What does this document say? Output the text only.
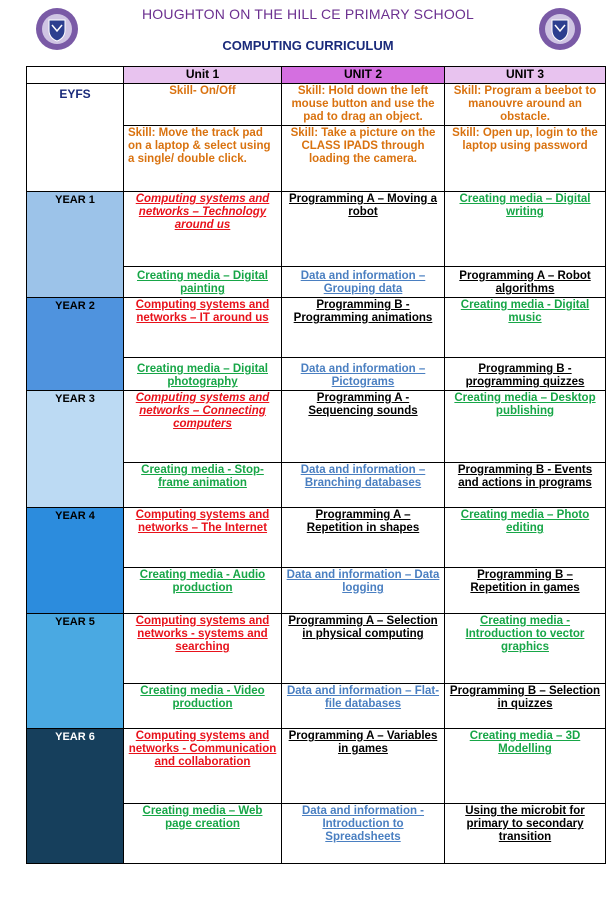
HOUGHTON ON THE HILL CE PRIMARY SCHOOL
COMPUTING CURRICULUM
	Unit 1	UNIT 2	UNIT 3
EYFS	Skill- On/Off	Skill: Hold down the left mouse button and use the pad to drag an object.	Skill: Program a beebot to manouvre around an obstacle.
	Skill: Move the track pad on a laptop & select using a single/ double click.	Skill: Take a picture on the CLASS IPADS through loading the camera.	Skill: Open up, login to the laptop using password
YEAR 1	Computing systems and networks – Technology around us	Programming A – Moving a robot	Creating media – Digital writing
	Creating media – Digital painting	Data and information – Grouping data	Programming A – Robot algorithms
YEAR 2	Computing systems and networks – IT around us	Programming B - Programming animations	Creating media - Digital music
	Creating media – Digital photography	Data and information – Pictograms	Programming B - programming quizzes
YEAR 3	Computing systems and networks – Connecting computers	Programming A - Sequencing sounds	Creating media – Desktop publishing
	Creating media - Stop-frame animation	Data and information – Branching databases	Programming B - Events and actions in programs
YEAR 4	Computing systems and networks – The Internet	Programming A – Repetition in shapes	Creating media – Photo editing
	Creating media - Audio production	Data and information – Data logging	Programming B – Repetition in games
YEAR 5	Computing systems and networks - systems and searching	Programming A – Selection in physical computing	Creating media - Introduction to vector graphics
	Creating media - Video production	Data and information – Flat-file databases	Programming B – Selection in quizzes
YEAR 6	Computing systems and networks - Communication and collaboration	Programming A – Variables in games	Creating media – 3D Modelling
	Creating media – Web page creation	Data and information - Introduction to Spreadsheets	Using the microbit for primary to secondary transition
